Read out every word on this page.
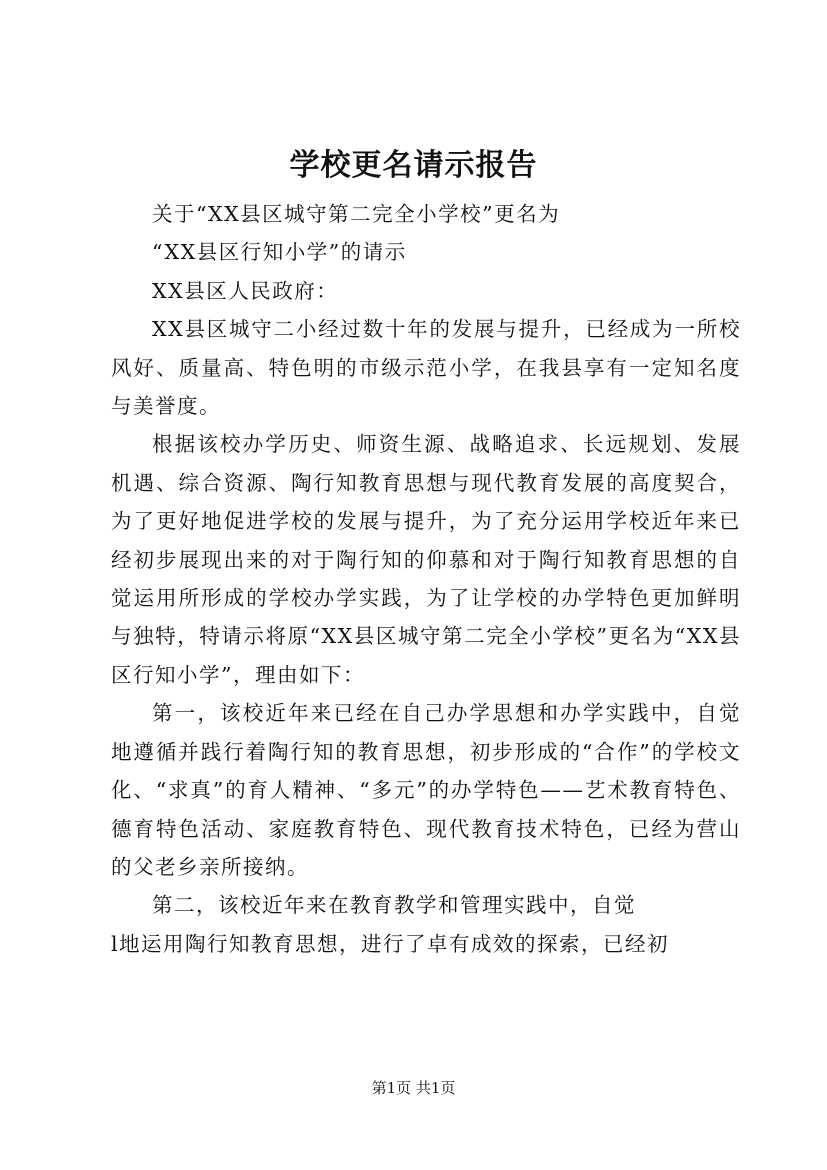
学校更名请示报告

关于“XX县区城守第二完全小学校”更名为

“XX县区行知小学”的请示

XX县区人民政府：

XX县区城守二小经过数十年的发展与提升，已经成为一所校风好、质量高、特色明的市级示范小学，在我县享有一定知名度与美誉度。

根据该校办学历史、师资生源、战略追求、长远规划、发展机遇、综合资源、陶行知教育思想与现代教育发展的高度契合，为了更好地促进学校的发展与提升，为了充分运用学校近年来已经初步展现出来的对于陶行知的仰慕和对于陶行知教育思想的自觉运用所形成的学校办学实践，为了让学校的办学特色更加鲜明与独特，特请示将原“XX县区城守第二完全小学校”更名为“XX县区行知小学”，理由如下：

第一，该校近年来已经在自己办学思想和办学实践中，自觉地遵循并践行着陶行知的教育思想，初步形成的“合作”的学校文化、“求真”的育人精神、“多元”的办学特色——艺术教育特色、德育特色活动、家庭教育特色、现代教育技术特色，已经为营山的父老乡亲所接纳。

第二，该校近年来在教育教学和管理实践中，自觉

l地运用陶行知教育思想，进行了卓有成效的探索，已经初

第1页 共1页
